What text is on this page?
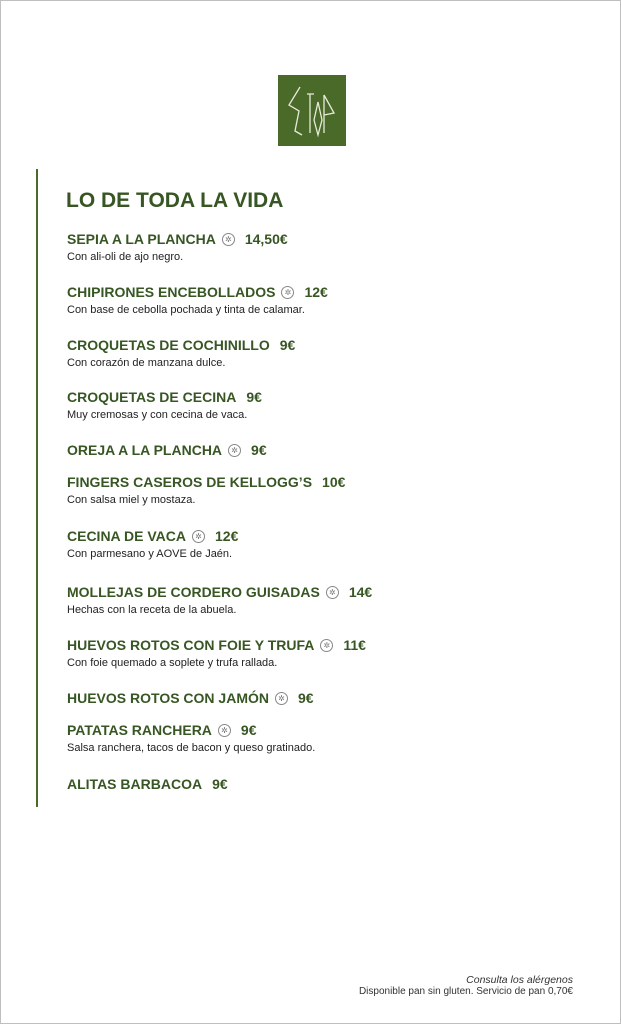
LO DE TODA LA VIDA
SEPIA A LA PLANCHA	✲ 14,50€
Con ali-oli de ajo negro.
CHIPIRONES ENCEBOLLADOS	✲ 12€
Con base de cebolla pochada y tinta de calamar.
CROQUETAS DE COCHINILLO 9€
Con corazón de manzana dulce.
CROQUETAS DE CECINA 9€
Muy cremosas y con cecina de vaca.
OREJA A LA PLANCHA	✲ 9€
FINGERS CASEROS DE KELLOGG’S 10€
Con salsa miel y mostaza.
CECINA DE VACA	✲ 12€
Con parmesano y AOVE de Jaén.
MOLLEJAS DE CORDERO GUISADAS	✲ 14€
Hechas con la receta de la abuela.
HUEVOS ROTOS CON FOIE Y TRUFA	✲ 11€
Con foie quemado a soplete y trufa rallada.
HUEVOS ROTOS CON JAMÓN	✲ 9€
PATATAS RANCHERA	✲ 9€
Salsa ranchera, tacos de bacon y queso gratinado.
ALITAS BARBACOA 9€
Consulta los alérgenos
Disponible pan sin gluten. Servicio de pan 0,70€
